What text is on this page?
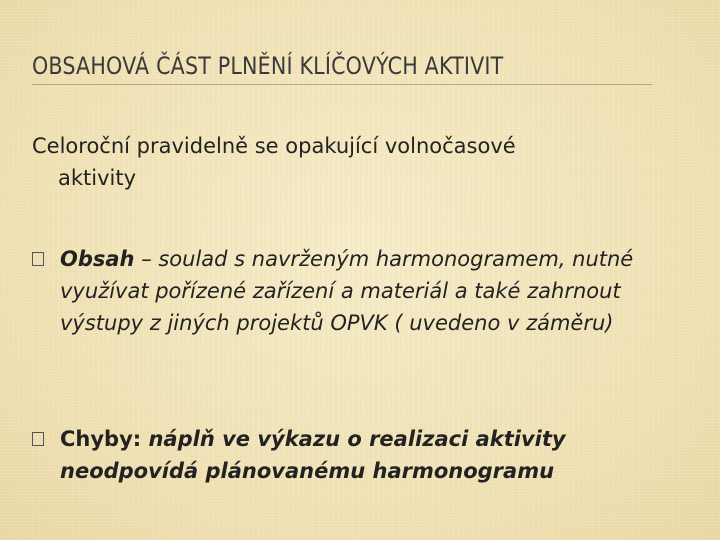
OBSAHOVÁ ČÁST PLNĚNÍ KLÍČOVÝCH AKTIVIT
Celoroční pravidelně se opakující volnočasové
aktivity
Obsah – soulad s navrženým harmonogramem, nutné využívat pořízené zařízení a materiál a také zahrnout výstupy z jiných projektů OPVK ( uvedeno v záměru)
Chyby: náplň ve výkazu o realizaci aktivity neodpovídá plánovanému harmonogramu
